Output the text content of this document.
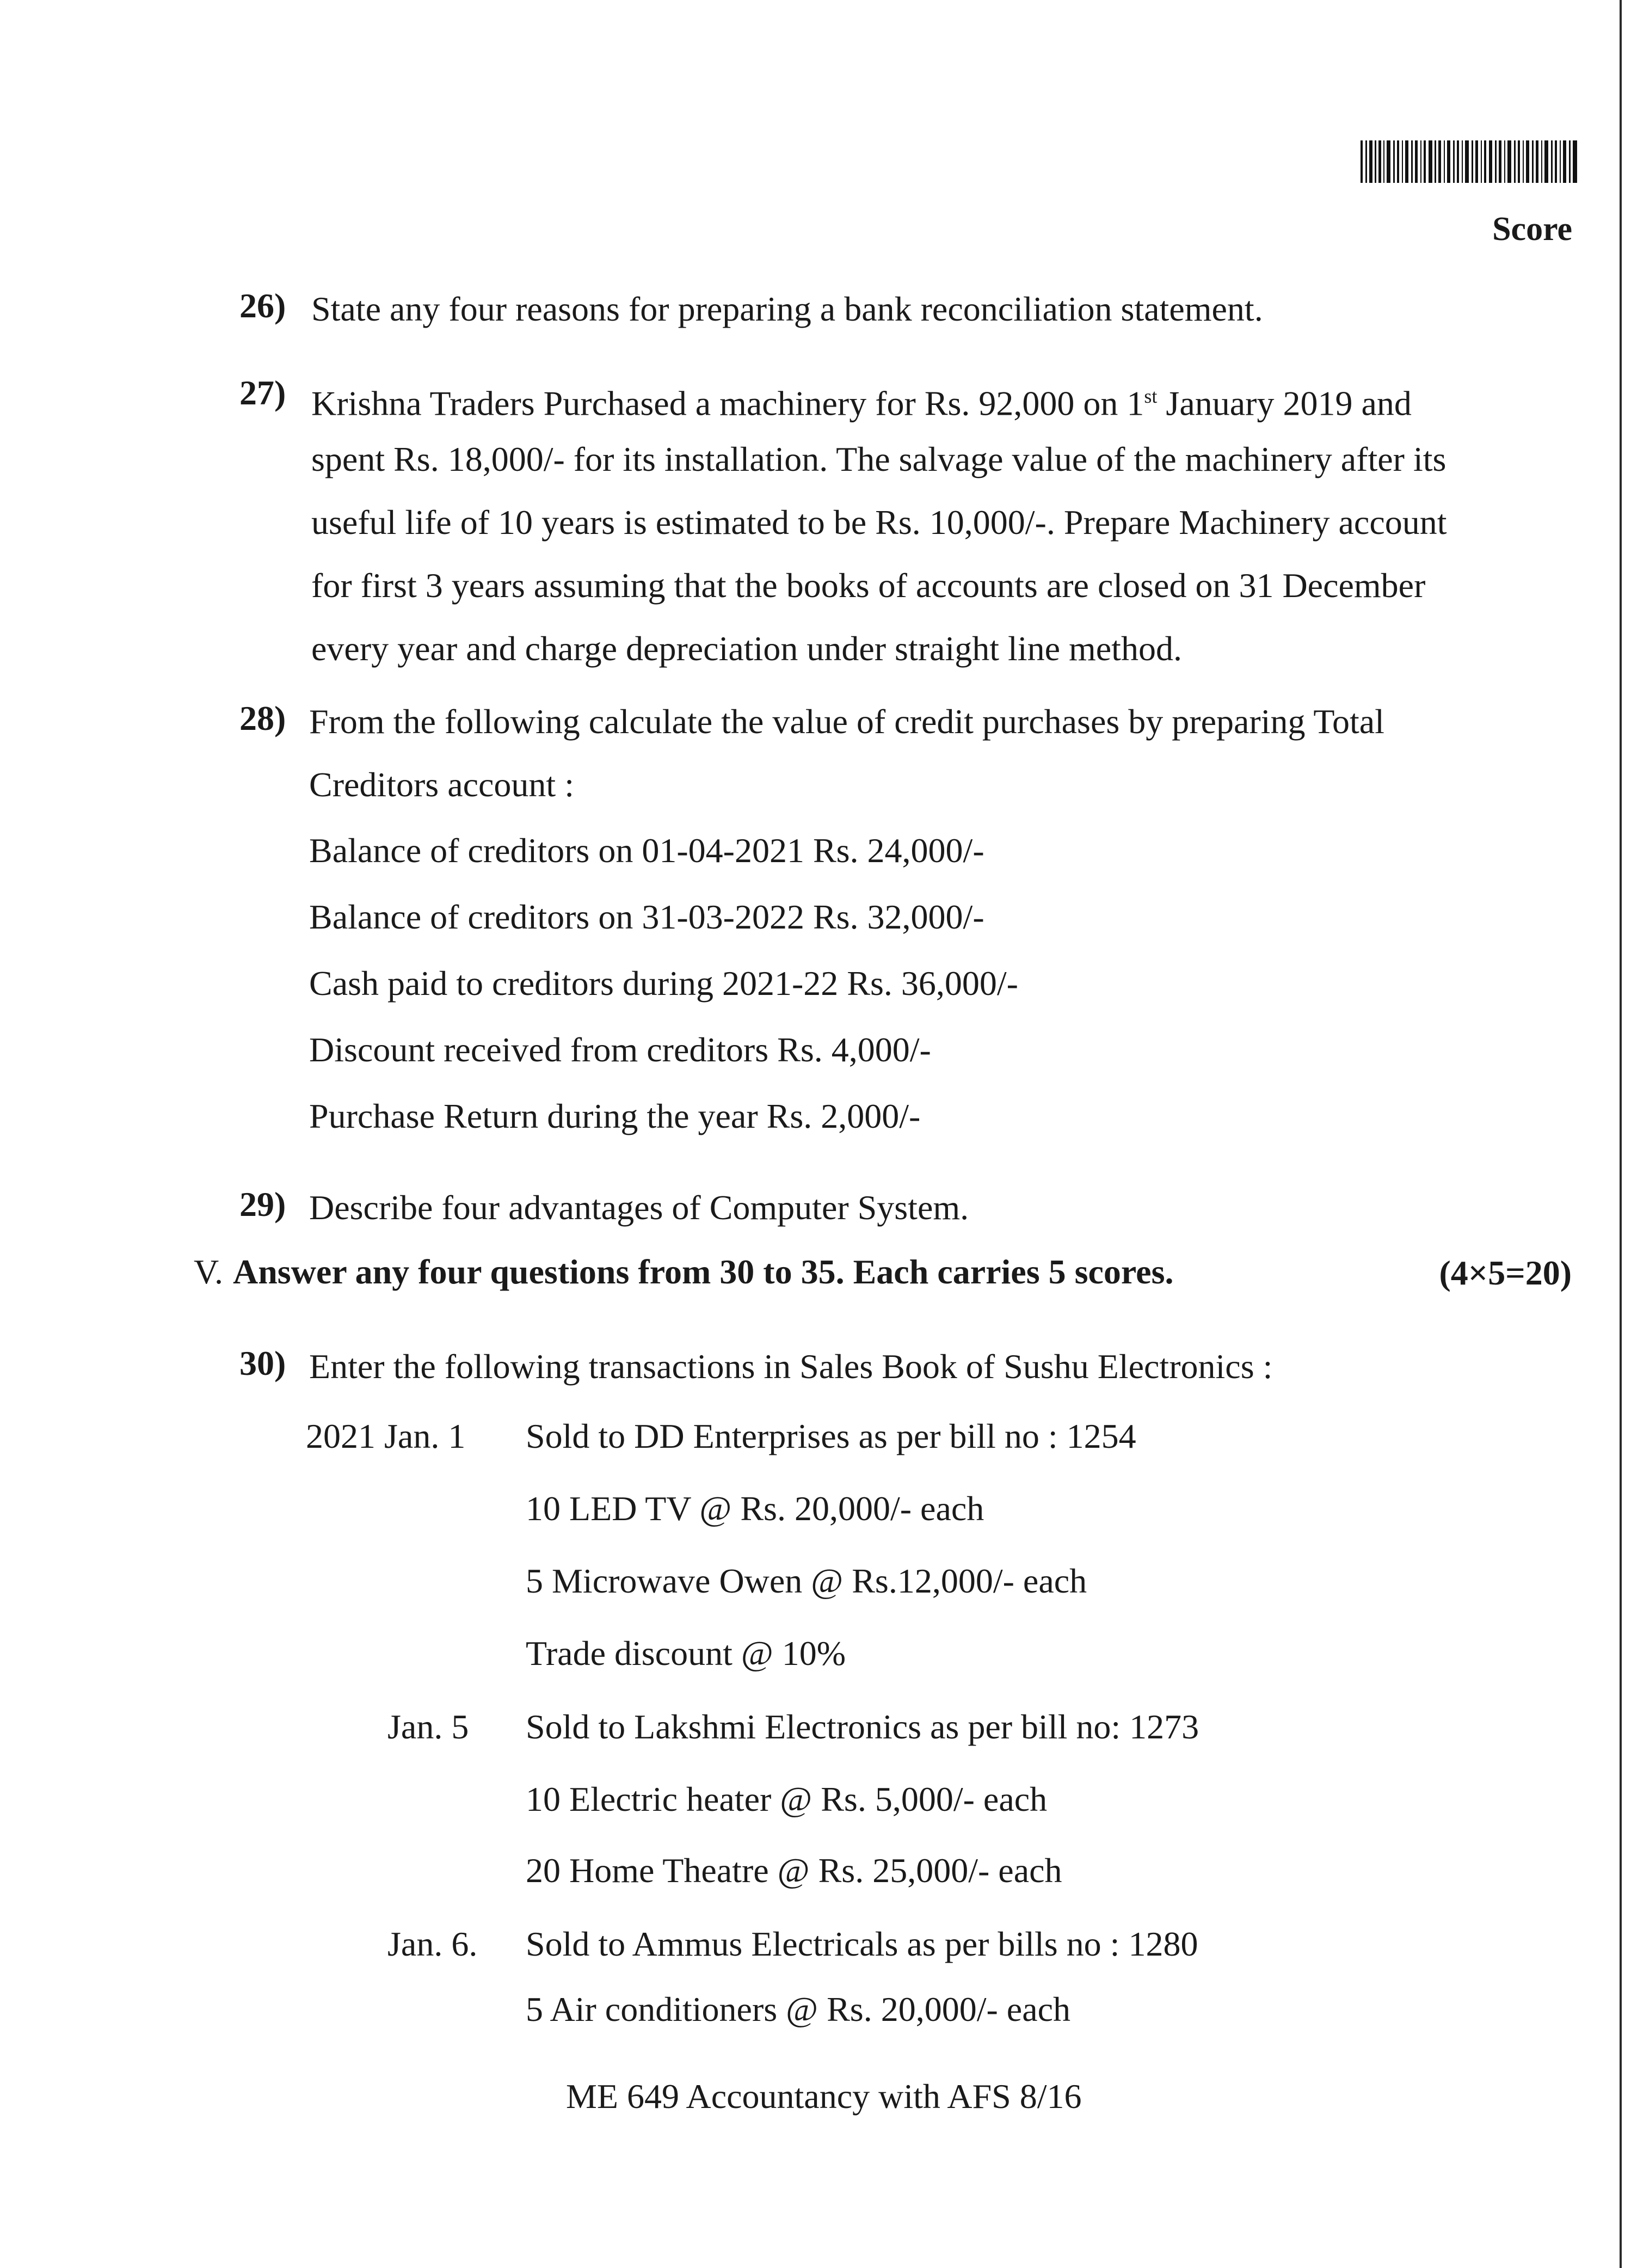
Score
26) State any four reasons for preparing a bank reconciliation statement.
27) Krishna Traders Purchased a machinery for Rs. 92,000 on 1st January 2019 and
spent Rs. 18,000/- for its installation. The salvage value of the machinery after its
useful life of 10 years is estimated to be Rs. 10,000/-. Prepare Machinery account
for first 3 years assuming that the books of accounts are closed on 31 December
every year and charge depreciation under straight line method.
28) From the following calculate the value of credit purchases by preparing Total
Creditors account :
Balance of creditors on 01-04-2021 Rs. 24,000/-
Balance of creditors on 31-03-2022 Rs. 32,000/-
Cash paid to creditors during 2021-22 Rs. 36,000/-
Discount received from creditors Rs. 4,000/-
Purchase Return during the year Rs. 2,000/-
29) Describe four advantages of Computer System.
V. Answer any four questions from 30 to 35. Each carries 5 scores.	(4×5=20)
30) Enter the following transactions in Sales Book of Sushu Electronics :
2021 Jan. 1 Sold to DD Enterprises as per bill no : 1254
10 LED TV @ Rs. 20,000/- each
5 Microwave Owen @ Rs.12,000/- each
Trade discount @ 10%
Jan. 5 Sold to Lakshmi Electronics as per bill no: 1273
10 Electric heater @ Rs. 5,000/- each
20 Home Theatre @ Rs. 25,000/- each
Jan. 6. Sold to Ammus Electricals as per bills no : 1280
5 Air conditioners @ Rs. 20,000/- each
ME 649 Accountancy with AFS 8/16
